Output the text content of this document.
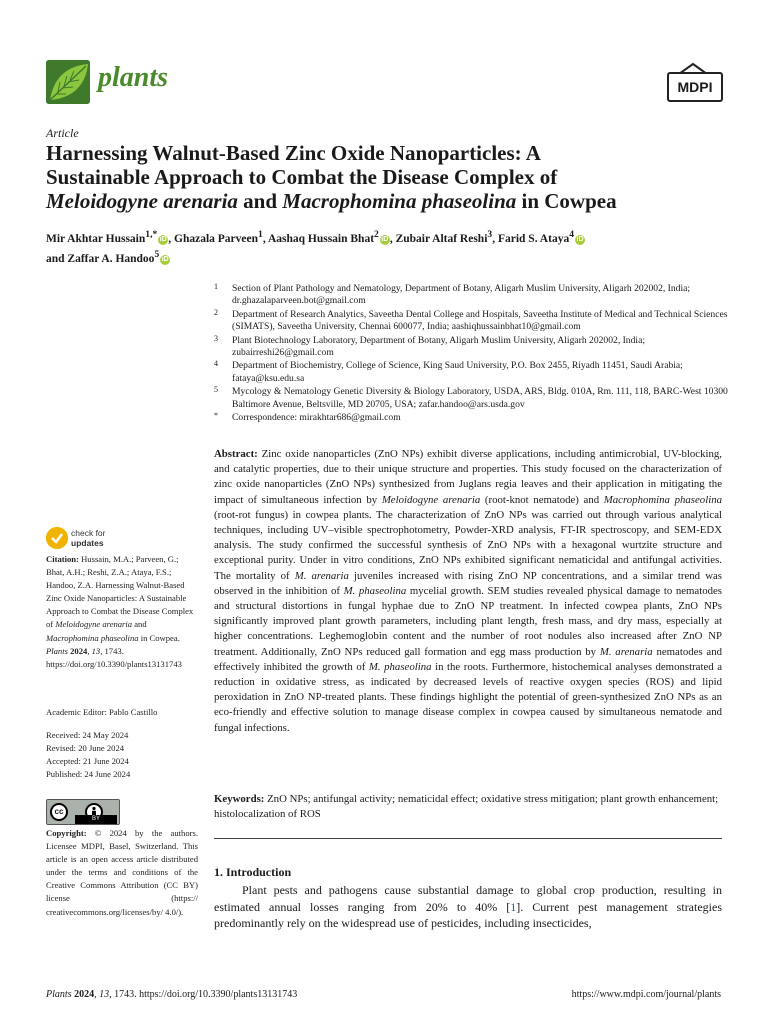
plants	MDPI
Article
Harnessing Walnut-Based Zinc Oxide Nanoparticles: A
Sustainable Approach to Combat the Disease Complex of
Meloidogyne arenaria and Macrophomina phaseolina in Cowpea
Mir Akhtar Hussain$^{1,*}$ iD , Ghazala Parveen$^1$, Aashaq Hussain Bhat$^2$ iD , Zubair Altaf Reshi$^3$, Farid S. Ataya$^4$ iD
and Zaffar A. Handoo$^5$ iD
1 Section of Plant Pathology and Nematology, Department of Botany, Aligarh Muslim University, Aligarh 202002, India; dr.ghazalaparveen.bot@gmail.com
2 Department of Research Analytics, Saveetha Dental College and Hospitals, Saveetha Institute of Medical and Technical Sciences (SIMATS), Saveetha University, Chennai 600077, India; aashiqhussainbhat10@gmail.com
3 Plant Biotechnology Laboratory, Department of Botany, Aligarh Muslim University, Aligarh 202002, India; zubairreshi26@gmail.com
4 Department of Biochemistry, College of Science, King Saud University, P.O. Box 2455, Riyadh 11451, Saudi Arabia; fataya@ksu.edu.sa
5 Mycology & Nematology Genetic Diversity & Biology Laboratory, USDA, ARS, Bldg. 010A, Rm. 111, 118, BARC-West 10300 Baltimore Avenue, Beltsville, MD 20705, USA; zafar.handoo@ars.usda.gov
* Correspondence: mirakhtar686@gmail.com
Abstract: Zinc oxide nanoparticles (ZnO NPs) exhibit diverse applications, including antimicrobial, UV-blocking, and catalytic properties, due to their unique structure and properties. This study focused on the characterization of zinc oxide nanoparticles (ZnO NPs) synthesized from Juglans regia leaves and their application in mitigating the impact of simultaneous infection by Meloidogyne arenaria (root-knot nematode) and Macrophomina phaseolina (root-rot fungus) in cowpea plants. The characterization of ZnO NPs was carried out through various analytical techniques, including UV–visible spectrophotometry, Powder-XRD analysis, FT-IR spectroscopy, and SEM-EDX analysis. The study confirmed the successful synthesis of ZnO NPs with a hexagonal wurtzite structure and exceptional purity. Under in vitro conditions, ZnO NPs exhibited significant nematicidal and antifungal activities. The mortality of M. arenaria juveniles increased with rising ZnO NP concentrations, and a similar trend was observed in the inhibition of M. phaseolina mycelial growth. SEM studies revealed physical damage to nematodes and structural distortions in fungal hyphae due to ZnO NP treatment. In infected cowpea plants, ZnO NPs significantly improved plant growth parameters, including plant length, fresh mass, and dry mass, especially at higher concentrations. Leghemoglobin content and the number of root nodules also increased after ZnO NP treatment. Additionally, ZnO NPs reduced gall formation and egg mass production by M. arenaria nematodes and effectively inhibited the growth of M. phaseolina in the roots. Furthermore, histochemical analyses demonstrated a reduction in oxidative stress, as indicated by decreased levels of reactive oxygen species (ROS) and lipid peroxidation in ZnO NP-treated plants. These findings highlight the potential of green-synthesized ZnO NPs as an eco-friendly and effective solution to manage disease complex in cowpea caused by simultaneous nematode and fungal infections.
Keywords: ZnO NPs; antifungal activity; nematicidal effect; oxidative stress mitigation; plant growth enhancement; histolocalization of ROS
1. Introduction
Plant pests and pathogens cause substantial damage to global crop production, resulting in estimated annual losses ranging from 20% to 40% [1]. Current pest management strategies predominantly rely on the widespread use of pesticides, including insecticides,
check for
updates
Citation: Hussain, M.A.; Parveen, G.; Bhat, A.H.; Reshi, Z.A.; Ataya, F.S.; Handoo, Z.A. Harnessing Walnut-Based Zinc Oxide Nanoparticles: A Sustainable Approach to Combat the Disease Complex of Meloidogyne arenaria and Macrophomina phaseolina in Cowpea. Plants 2024, 13, 1743. https://doi.org/10.3390/plants13131743
Academic Editor: Pablo Castillo
Received: 24 May 2024
Revised: 20 June 2024
Accepted: 21 June 2024
Published: 24 June 2024
cc
BY
Copyright: © 2024 by the authors. Licensee MDPI, Basel, Switzerland. This article is an open access article distributed under the terms and conditions of the Creative Commons Attribution (CC BY) license (https:// creativecommons.org/licenses/by/ 4.0/).
Plants 2024, 13, 1743. https://doi.org/10.3390/plants13131743	https://www.mdpi.com/journal/plants
